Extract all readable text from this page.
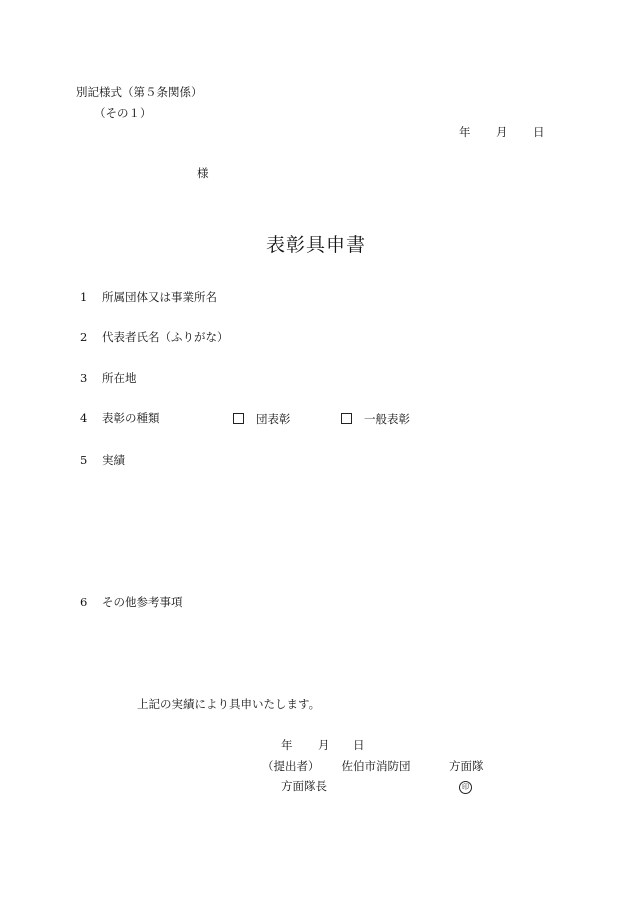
別記様式（第５条関係）
（その１）
年 月 日
様
表彰具申書
1 所属団体又は事業所名
2 代表者氏名（ふりがな）
3 所在地
4 表彰の種類	団表彰	一般表彰
5 実績
6 その他参考事項
上記の実績により具申いたします。
年 月 日
（提出者） 佐伯市消防団	方面隊
方面隊長	印
